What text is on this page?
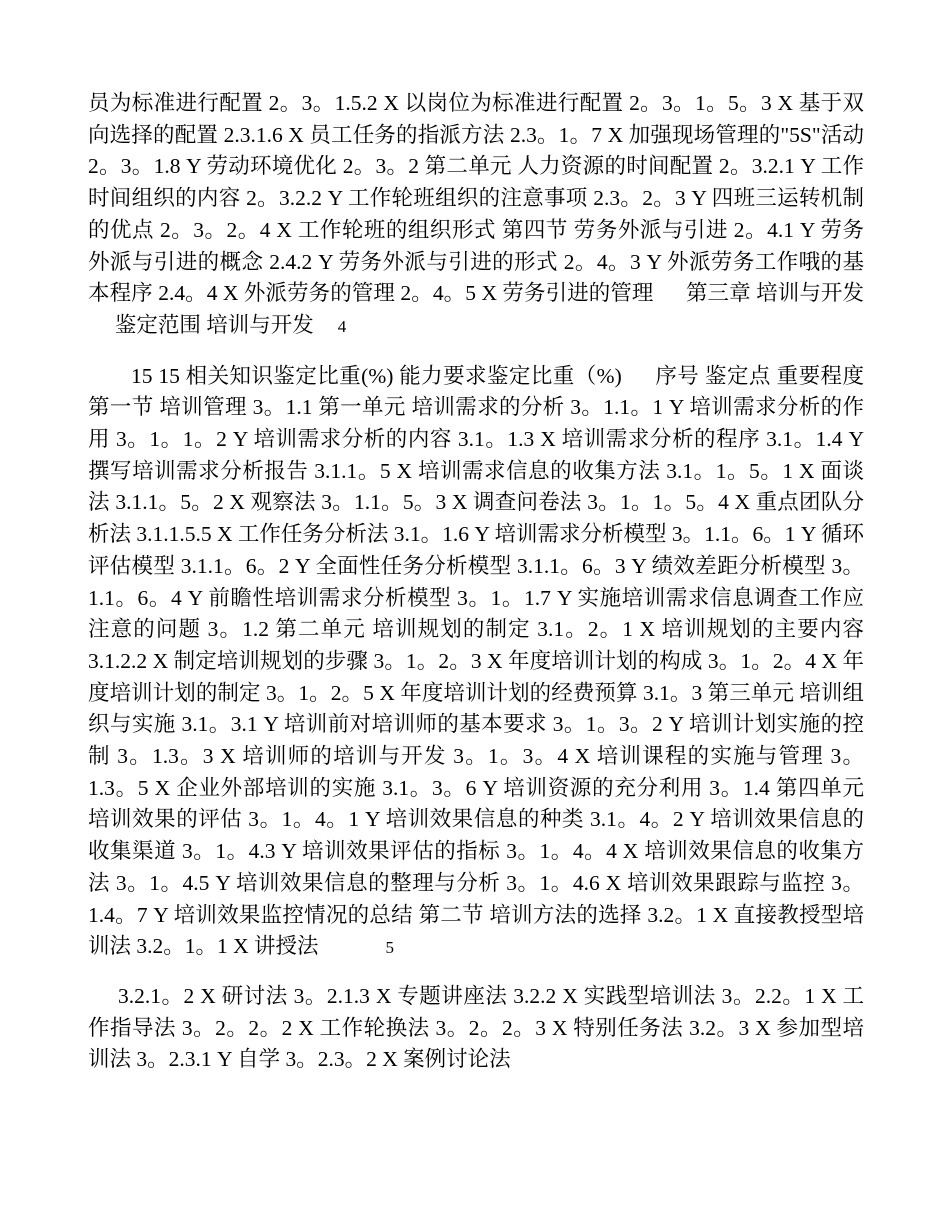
员为标准进行配置 2。3。1.5.2 X 以岗位为标准进行配置 2。3。1。5。3 X 基于双向选择的配置 2.3.1.6 X 员工任务的指派方法 2.3。1。7 X 加强现场管理的"5S"活动 2。3。1.8 Y 劳动环境优化 2。3。2 第二单元 人力资源的时间配置 2。3.2.1 Y 工作时间组织的内容 2。3.2.2 Y 工作轮班组织的注意事项 2.3。2。3 Y 四班三运转机制的优点 2。3。2。4 X 工作轮班的组织形式 第四节 劳务外派与引进 2。4.1 Y 劳务外派与引进的概念 2.4.2 Y 劳务外派与引进的形式 2。4。3 Y 外派劳务工作哦的基本程序 2.4。4 X 外派劳务的管理 2。4。5 X 劳务引进的管理 　 第三章 培训与开发 　 鉴定范围 培训与开发 4

15 15 相关知识鉴定比重(%) 能力要求鉴定比重（%) 　 序号 鉴定点 重要程度 第一节 培训管理 3。1.1 第一单元 培训需求的分析 3。1.1。1 Y 培训需求分析的作用 3。1。1。2 Y 培训需求分析的内容 3.1。1.3 X 培训需求分析的程序 3.1。1.4 Y 撰写培训需求分析报告 3.1.1。5 X 培训需求信息的收集方法 3.1。1。5。1 X 面谈法 3.1.1。5。2 X 观察法 3。1.1。5。3 X 调查问卷法 3。1。1。5。4 X 重点团队分析法 3.1.1.5.5 X 工作任务分析法 3.1。1.6 Y 培训需求分析模型 3。1.1。6。1 Y 循环评估模型 3.1.1。6。2 Y 全面性任务分析模型 3.1.1。6。3 Y 绩效差距分析模型 3。1.1。6。4 Y 前瞻性培训需求分析模型 3。1。1.7 Y 实施培训需求信息调查工作应注意的问题 3。1.2 第二单元 培训规划的制定 3.1。2。1 X 培训规划的主要内容 3.1.2.2 X 制定培训规划的步骤 3。1。2。3 X 年度培训计划的构成 3。1。2。4 X 年度培训计划的制定 3。1。2。5 X 年度培训计划的经费预算 3.1。3 第三单元 培训组织与实施 3.1。3.1 Y 培训前对培训师的基本要求 3。1。3。2 Y 培训计划实施的控制 3。1.3。3 X 培训师的培训与开发 3。1。3。4 X 培训课程的实施与管理 3。1.3。5 X 企业外部培训的实施 3.1。3。6 Y 培训资源的充分利用 3。1.4 第四单元 培训效果的评估 3。1。4。1 Y 培训效果信息的种类 3.1。4。2 Y 培训效果信息的收集渠道 3。1。4.3 Y 培训效果评估的指标 3。1。4。4 X 培训效果信息的收集方法 3。1。4.5 Y 培训效果信息的整理与分析 3。1。4.6 X 培训效果跟踪与监控 3。1.4。7 Y 培训效果监控情况的总结 第二节 培训方法的选择 3.2。1 X 直接教授型培训法 3.2。1。1 X 讲授法	5

3.2.1。2 X 研讨法 3。2.1.3 X 专题讲座法 3.2.2 X 实践型培训法 3。2.2。1 X 工作指导法 3。2。2。2 X 工作轮换法 3。2。2。3 X 特别任务法 3.2。3 X 参加型培训法 3。2.3.1 Y 自学 3。2.3。2 X 案例讨论法
